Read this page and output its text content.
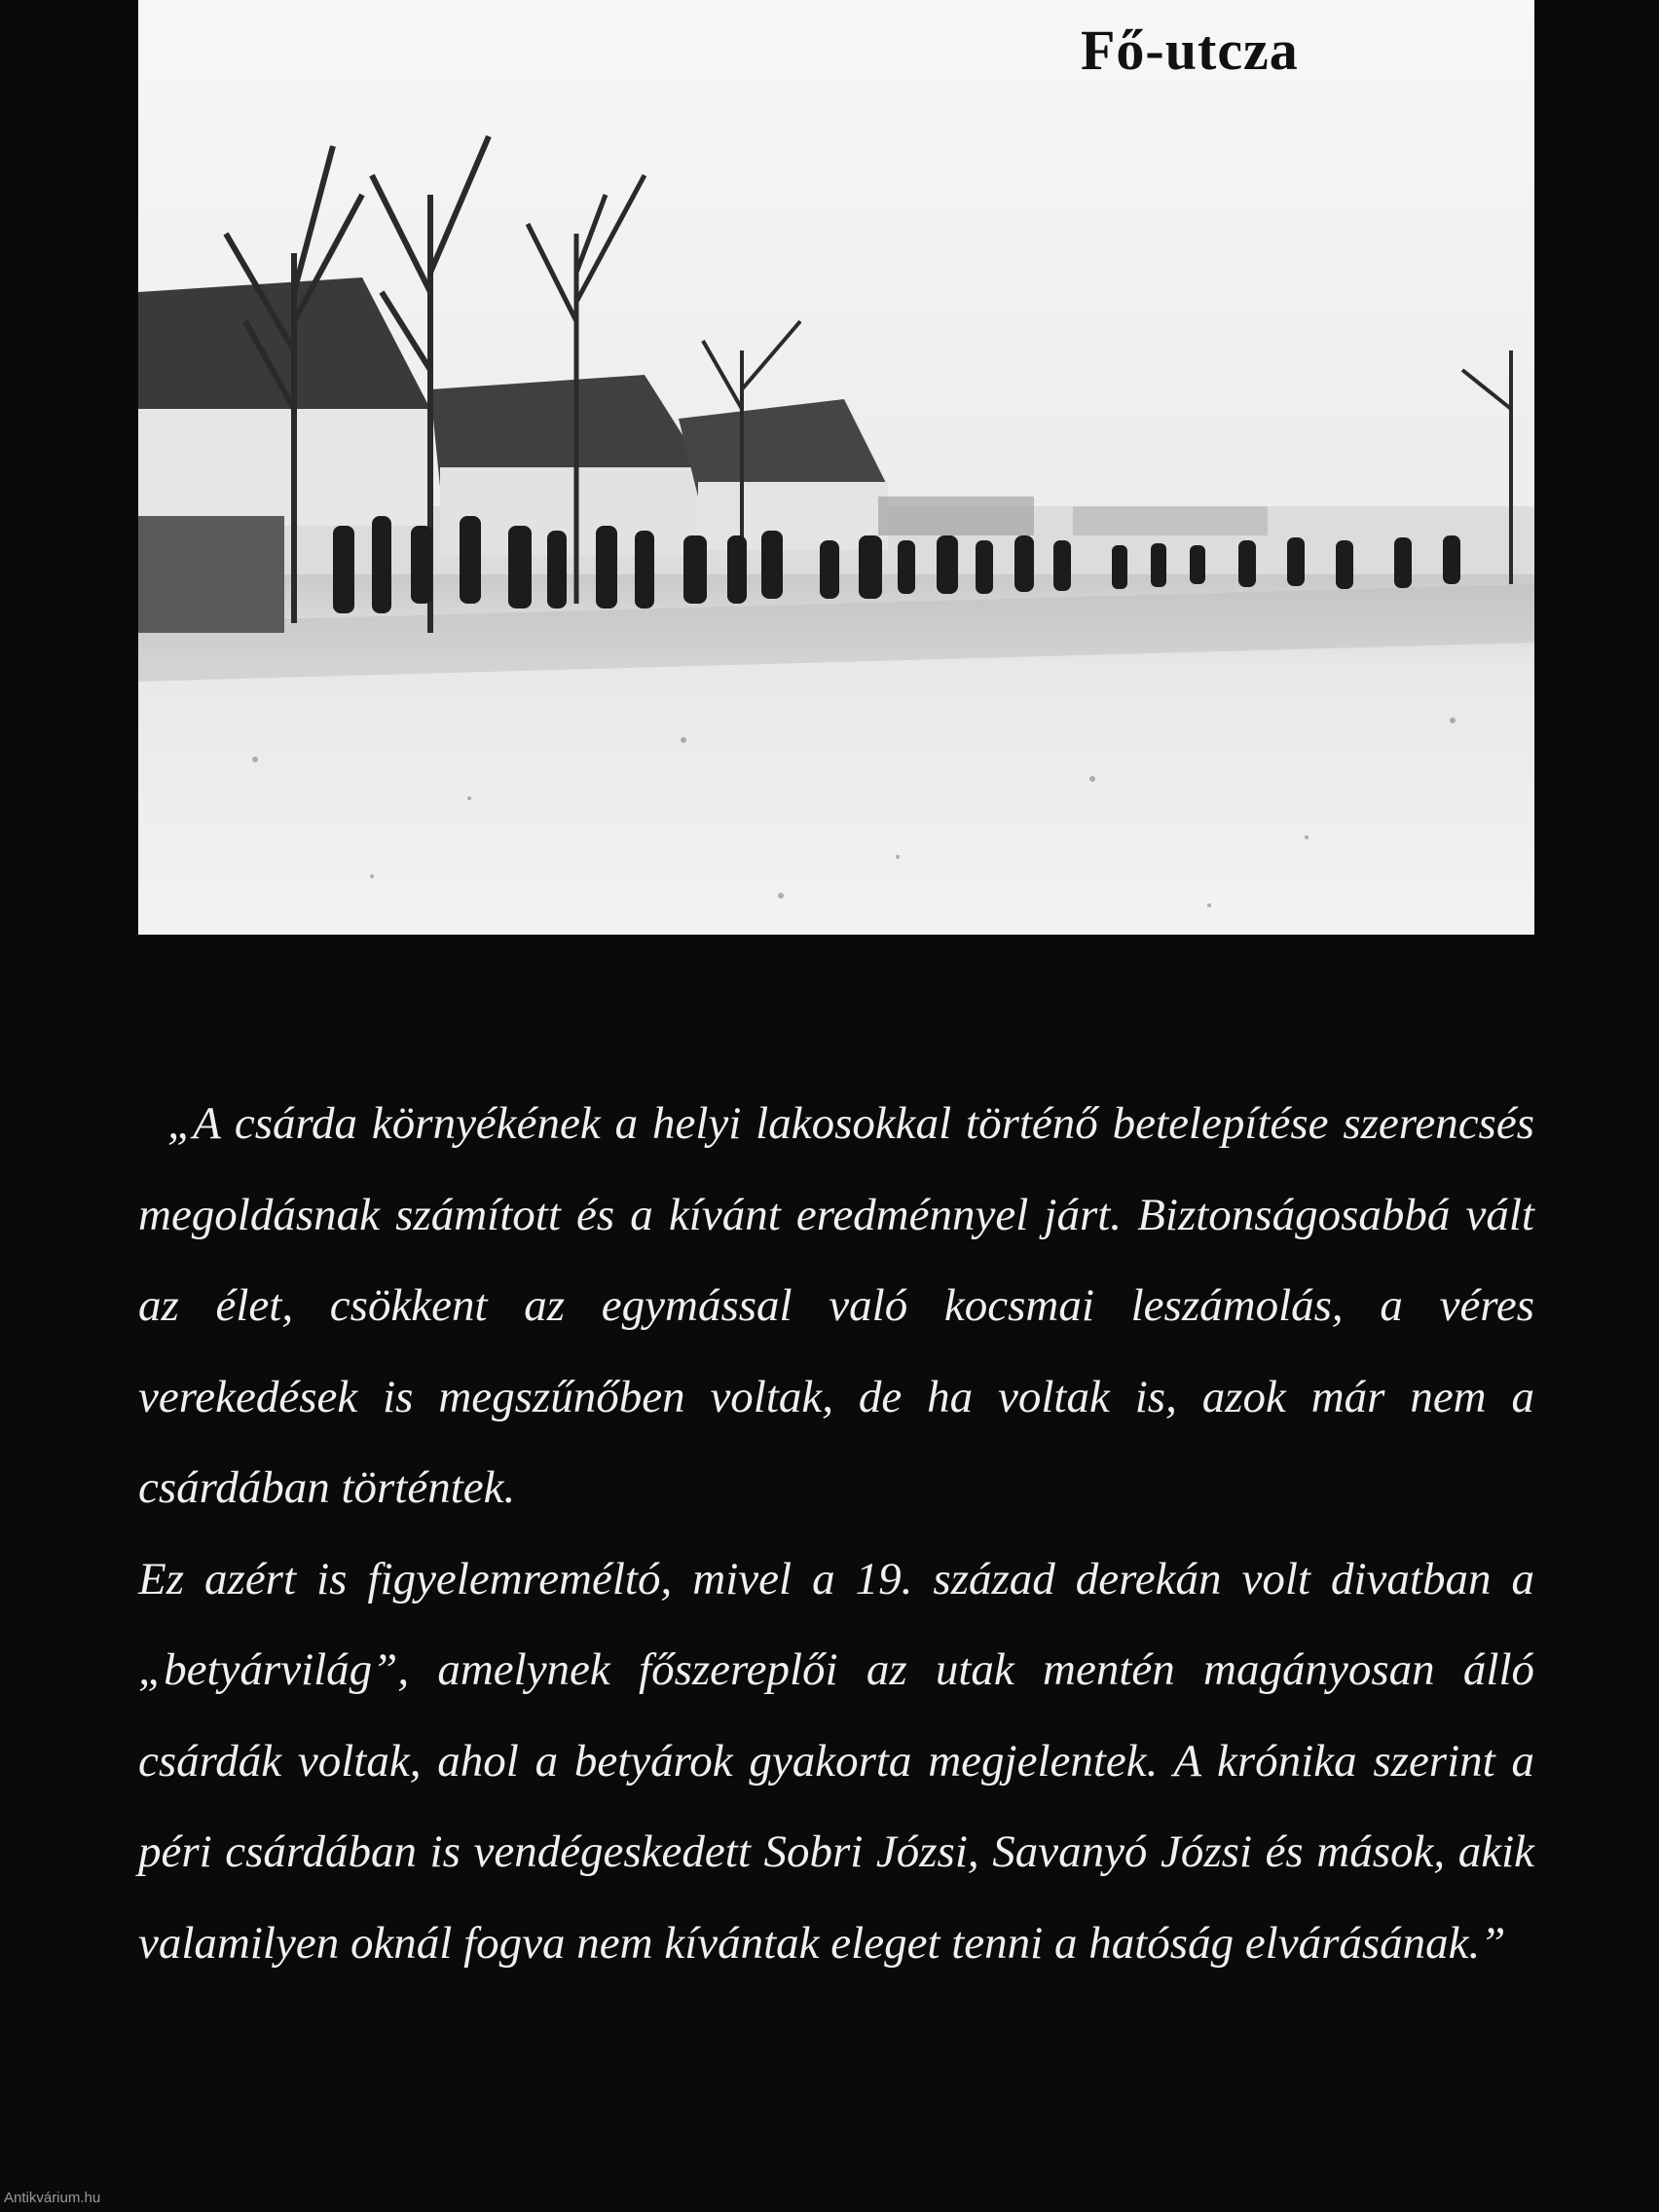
Fő-utcza

„A csárda környékének a helyi lakosokkal történő betelepítése szerencsés megoldásnak számított és a kívánt eredménnyel járt. Biztonságosabbá vált az élet, csökkent az egymással való kocsmai leszámolás, a véres verekedések is megszűnőben voltak, de ha voltak is, azok már nem a csárdában történtek.

Ez azért is figyelemreméltó, mivel a 19. század derekán volt divatban a „betyárvilág”, amelynek főszereplői az utak mentén magányosan álló csárdák voltak, ahol a betyárok gyakorta megjelentek. A krónika szerint a péri csárdában is vendégeskedett Sobri Józsi, Savanyó Józsi és mások, akik valamilyen oknál fogva nem kívántak eleget tenni a hatóság elvárásának.”

Antikvárium.hu
